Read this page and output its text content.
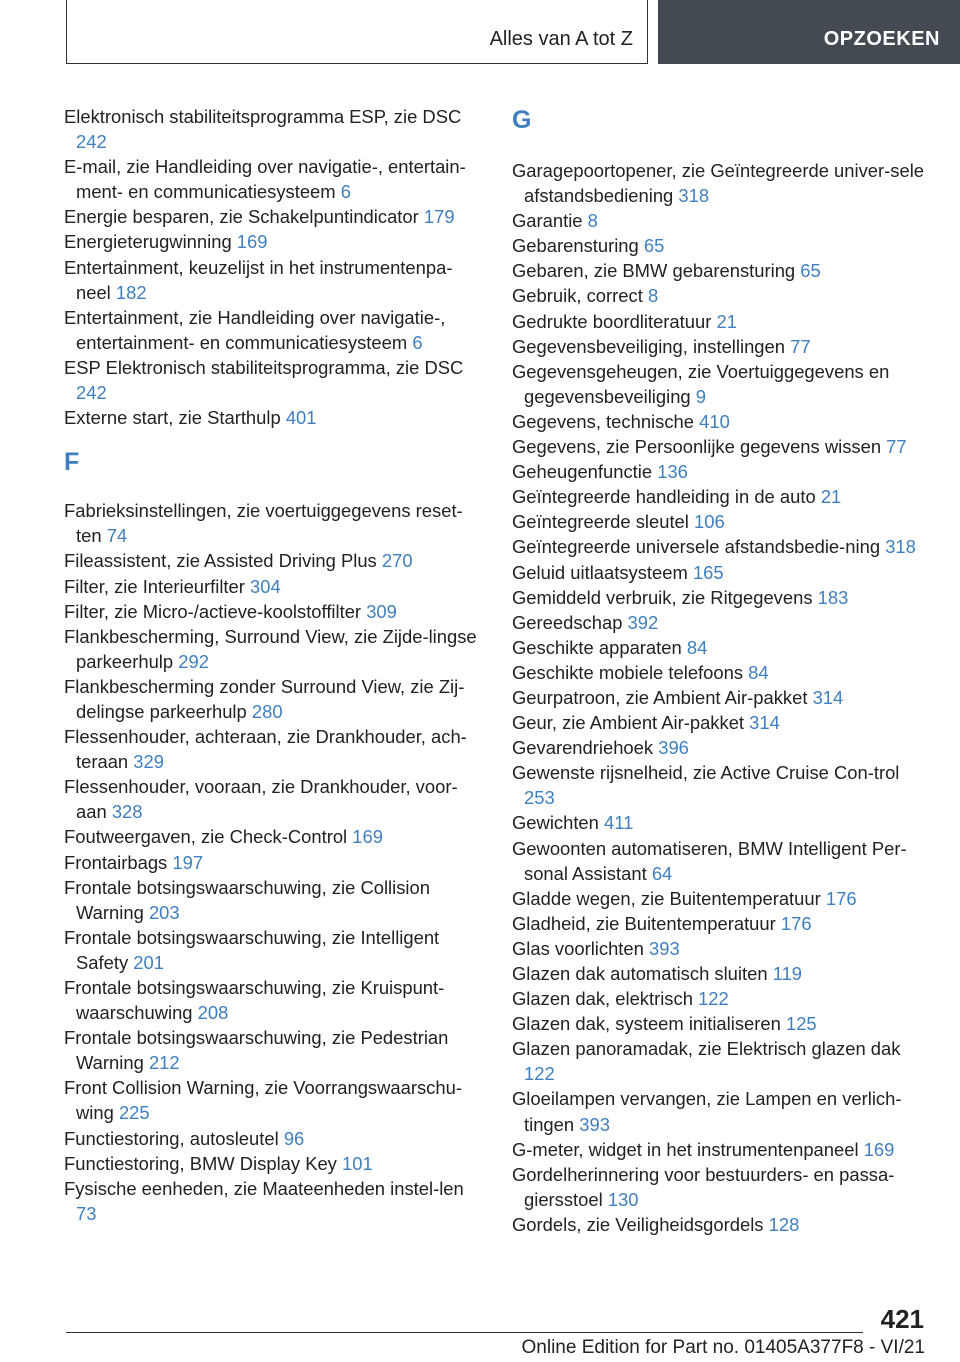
Alles van A tot Z	OPZOEKEN

Elektronisch stabiliteitsprogramma ESP, zie DSC 242

E-mail, zie Handleiding over navigatie-, entertain-ment- en communicatiesysteem 6

Energie besparen, zie Schakelpuntindicator 179

Energieterugwinning 169

Entertainment, keuzelijst in het instrumentenpa-neel 182

Entertainment, zie Handleiding over navigatie-, entertainment- en communicatiesysteem 6

ESP Elektronisch stabiliteitsprogramma, zie DSC 242

Externe start, zie Starthulp 401

F

Fabrieksinstellingen, zie voertuiggegevens reset-ten 74

Fileassistent, zie Assisted Driving Plus 270

Filter, zie Interieurfilter 304

Filter, zie Micro-/actieve-koolstoffilter 309

Flankbescherming, Surround View, zie Zijde-lingse parkeerhulp 292

Flankbescherming zonder Surround View, zie Zij-delingse parkeerhulp 280

Flessenhouder, achteraan, zie Drankhouder, ach-teraan 329

Flessenhouder, vooraan, zie Drankhouder, voor-aan 328

Foutweergaven, zie Check-Control 169

Frontairbags 197

Frontale botsingswaarschuwing, zie Collision Warning 203

Frontale botsingswaarschuwing, zie Intelligent Safety 201

Frontale botsingswaarschuwing, zie Kruispunt-waarschuwing 208

Frontale botsingswaarschuwing, zie Pedestrian Warning 212

Front Collision Warning, zie Voorrangswaarschu-wing 225

Functiestoring, autosleutel 96

Functiestoring, BMW Display Key 101

Fysische eenheden, zie Maateenheden instel-len 73

G

Garagepoortopener, zie Geïntegreerde univer-sele afstandsbediening 318

Garantie 8

Gebarensturing 65

Gebaren, zie BMW gebarensturing 65

Gebruik, correct 8

Gedrukte boordliteratuur 21

Gegevensbeveiliging, instellingen 77

Gegevensgeheugen, zie Voertuiggegevens en gegevensbeveiliging 9

Gegevens, technische 410

Gegevens, zie Persoonlijke gegevens wissen 77

Geheugenfunctie 136

Geïntegreerde handleiding in de auto 21

Geïntegreerde sleutel 106

Geïntegreerde universele afstandsbedie-ning 318

Geluid uitlaatsysteem 165

Gemiddeld verbruik, zie Ritgegevens 183

Gereedschap 392

Geschikte apparaten 84

Geschikte mobiele telefoons 84

Geurpatroon, zie Ambient Air-pakket 314

Geur, zie Ambient Air-pakket 314

Gevarendriehoek 396

Gewenste rijsnelheid, zie Active Cruise Con-trol 253

Gewichten 411

Gewoonten automatiseren, BMW Intelligent Per-sonal Assistant 64

Gladde wegen, zie Buitentemperatuur 176

Gladheid, zie Buitentemperatuur 176

Glas voorlichten 393

Glazen dak automatisch sluiten 119

Glazen dak, elektrisch 122

Glazen dak, systeem initialiseren 125

Glazen panoramadak, zie Elektrisch glazen dak 122

Gloeilampen vervangen, zie Lampen en verlich-tingen 393

G-meter, widget in het instrumentenpaneel 169

Gordelherinnering voor bestuurders- en passa-giersstoel 130

Gordels, zie Veiligheidsgordels 128

421
Online Edition for Part no. 01405A377F8 - VI/21
